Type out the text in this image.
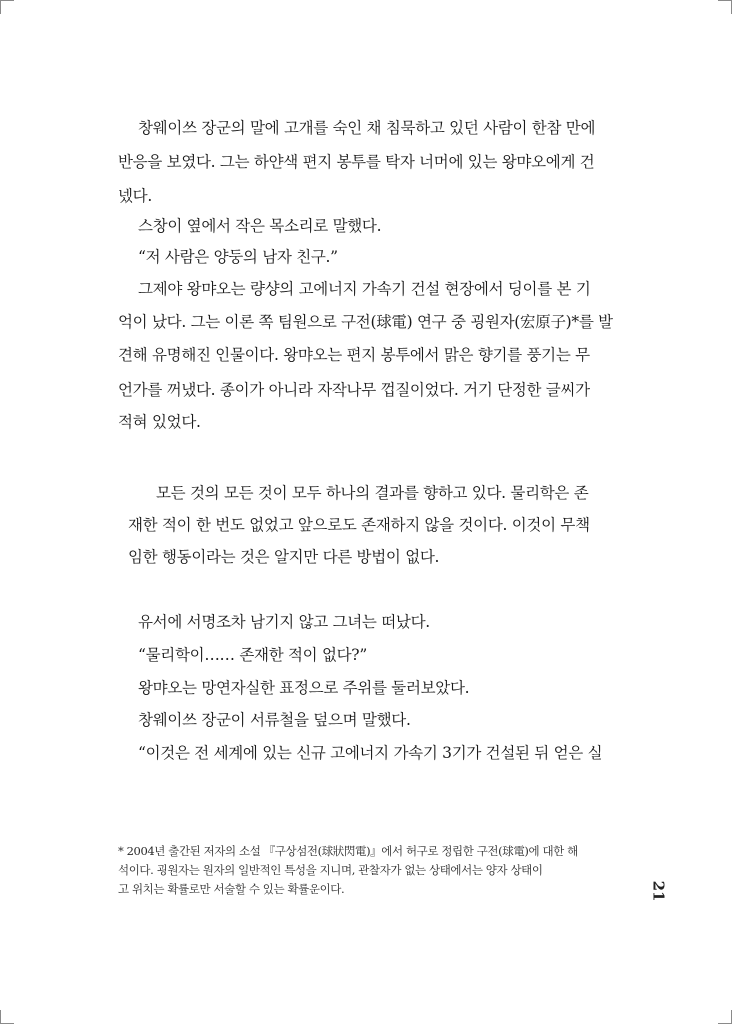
창웨이쓰 장군의 말에 고개를 숙인 채 침묵하고 있던 사람이 한참 만에
반응을 보였다. 그는 하얀색 편지 봉투를 탁자 너머에 있는 왕먀오에게 건
넸다.
스창이 옆에서 작은 목소리로 말했다.
“저 사람은 양둥의 남자 친구.”
그제야 왕먀오는 량샹의 고에너지 가속기 건설 현장에서 딩이를 본 기
억이 났다. 그는 이론 쪽 팀원으로 구전(球電) 연구 중 굉원자(宏原子)*를 발
견해 유명해진 인물이다. 왕먀오는 편지 봉투에서 맑은 향기를 풍기는 무
언가를 꺼냈다. 종이가 아니라 자작나무 껍질이었다. 거기 단정한 글씨가
적혀 있었다.
모든 것의 모든 것이 모두 하나의 결과를 향하고 있다. 물리학은 존
재한 적이 한 번도 없었고 앞으로도 존재하지 않을 것이다. 이것이 무책
임한 행동이라는 것은 알지만 다른 방법이 없다.
유서에 서명조차 남기지 않고 그녀는 떠났다.
“물리학이…… 존재한 적이 없다?”
왕먀오는 망연자실한 표정으로 주위를 둘러보았다.
창웨이쓰 장군이 서류철을 덮으며 말했다.
“이것은 전 세계에 있는 신규 고에너지 가속기 3기가 건설된 뒤 얻은 실
* 2004년 출간된 저자의 소설 『구상섬전(球狀閃電)』에서 허구로 정립한 구전(球電)에 대한 해
석이다. 굉원자는 원자의 일반적인 특성을 지니며, 관찰자가 없는 상태에서는 양자 상태이
고 위치는 확률로만 서술할 수 있는 확률운이다.	21
